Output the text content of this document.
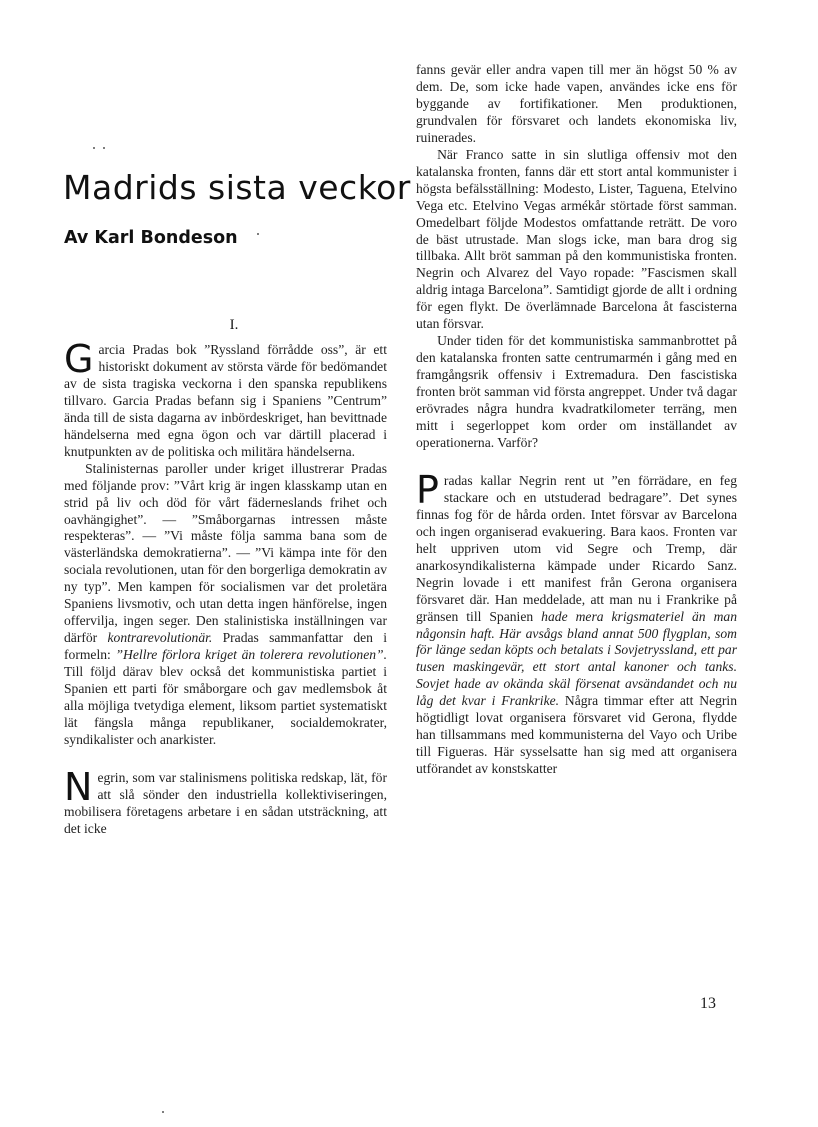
Madrids sista veckor
Av Karl Bondeson
I.

Garcia Pradas bok ”Ryssland förrådde oss”, är ett historiskt dokument av största värde för bedömandet av de sista tragiska veckorna i den spanska republikens tillvaro. Garcia Pradas befann sig i Spaniens ”Centrum” ända till de sista dagarna av inbördeskriget, han bevittnade händelserna med egna ögon och var därtill placerad i knutpunkten av de politiska och militära händelserna.

Stalinisternas paroller under kriget illustrerar Pradas med följande prov: ”Vårt krig är ingen klasskamp utan en strid på liv och död för vårt fäderneslands frihet och oavhängighet”. — ”Småborgarnas intressen måste respekteras”. — ”Vi måste följa samma bana som de västerländska demokratierna”. — ”Vi kämpa inte för den sociala revolutionen, utan för den borgerliga demokratin av ny typ”. Men kampen för socialismen var det proletära Spaniens livsmotiv, och utan detta ingen hänförelse, ingen offervilja, ingen seger. Den stalinistiska inställningen var därför kontrarevolutionär. Pradas sammanfattar den i formeln: ”Hellre förlora kriget än tolerera revolutionen”. Till följd därav blev också det kommunistiska partiet i Spanien ett parti för småborgare och gav medlemsbok åt alla möjliga tvetydiga element, liksom partiet systematiskt lät fängsla många republikaner, socialdemokrater, syndikalister och anarkister.

Negrin, som var stalinismens politiska redskap, lät, för att slå sönder den industriella kollektiviseringen, mobilisera företagens arbetare i en sådan utsträckning, att det icke

fanns gevär eller andra vapen till mer än högst 50 % av dem. De, som icke hade vapen, användes icke ens för byggande av fortifikationer. Men produktionen, grundvalen för försvaret och landets ekonomiska liv, ruinerades.

När Franco satte in sin slutliga offensiv mot den katalanska fronten, fanns där ett stort antal kommunister i högsta befälsställning: Modesto, Lister, Taguena, Etelvino Vega etc. Etelvino Vegas armékår störtade först samman. Omedelbart följde Modestos omfattande reträtt. De voro de bäst utrustade. Man slogs icke, man bara drog sig tillbaka. Allt bröt samman på den kommunistiska fronten. Negrin och Alvarez del Vayo ropade: ”Fascismen skall aldrig intaga Barcelona”. Samtidigt gjorde de allt i ordning för egen flykt. De överlämnade Barcelona åt fascisterna utan försvar.

Under tiden för det kommunistiska sammanbrottet på den katalanska fronten satte centrumarmén i gång med en framgångsrik offensiv i Extremadura. Den fascistiska fronten bröt samman vid första angreppet. Under två dagar erövrades några hundra kvadratkilometer terräng, men mitt i segerloppet kom order om inställandet av operationerna. Varför?

Pradas kallar Negrin rent ut ”en förrädare, en feg stackare och en utstuderad bedragare”. Det synes finnas fog för de hårda orden. Intet försvar av Barcelona och ingen organiserad evakuering. Bara kaos. Fronten var helt uppriven utom vid Segre och Tremp, där anarkosyndikalisterna kämpade under Ricardo Sanz. Negrin lovade i ett manifest från Gerona organisera försvaret där. Han meddelade, att man nu i Frankrike på gränsen till Spanien hade mera krigsmateriel än man någonsin haft. Här avsågs bland annat 500 flygplan, som för länge sedan köpts och betalats i Sovjetryssland, ett par tusen maskingevär, ett stort antal kanoner och tanks. Sovjet hade av okända skäl försenat avsändandet och nu låg det kvar i Frankrike. Några timmar efter att Negrin högtidligt lovat organisera försvaret vid Gerona, flydde han tillsammans med kommunisterna del Vayo och Uribe till Figueras. Här sysselsatte han sig med att organisera utförandet av konstskatter

13
